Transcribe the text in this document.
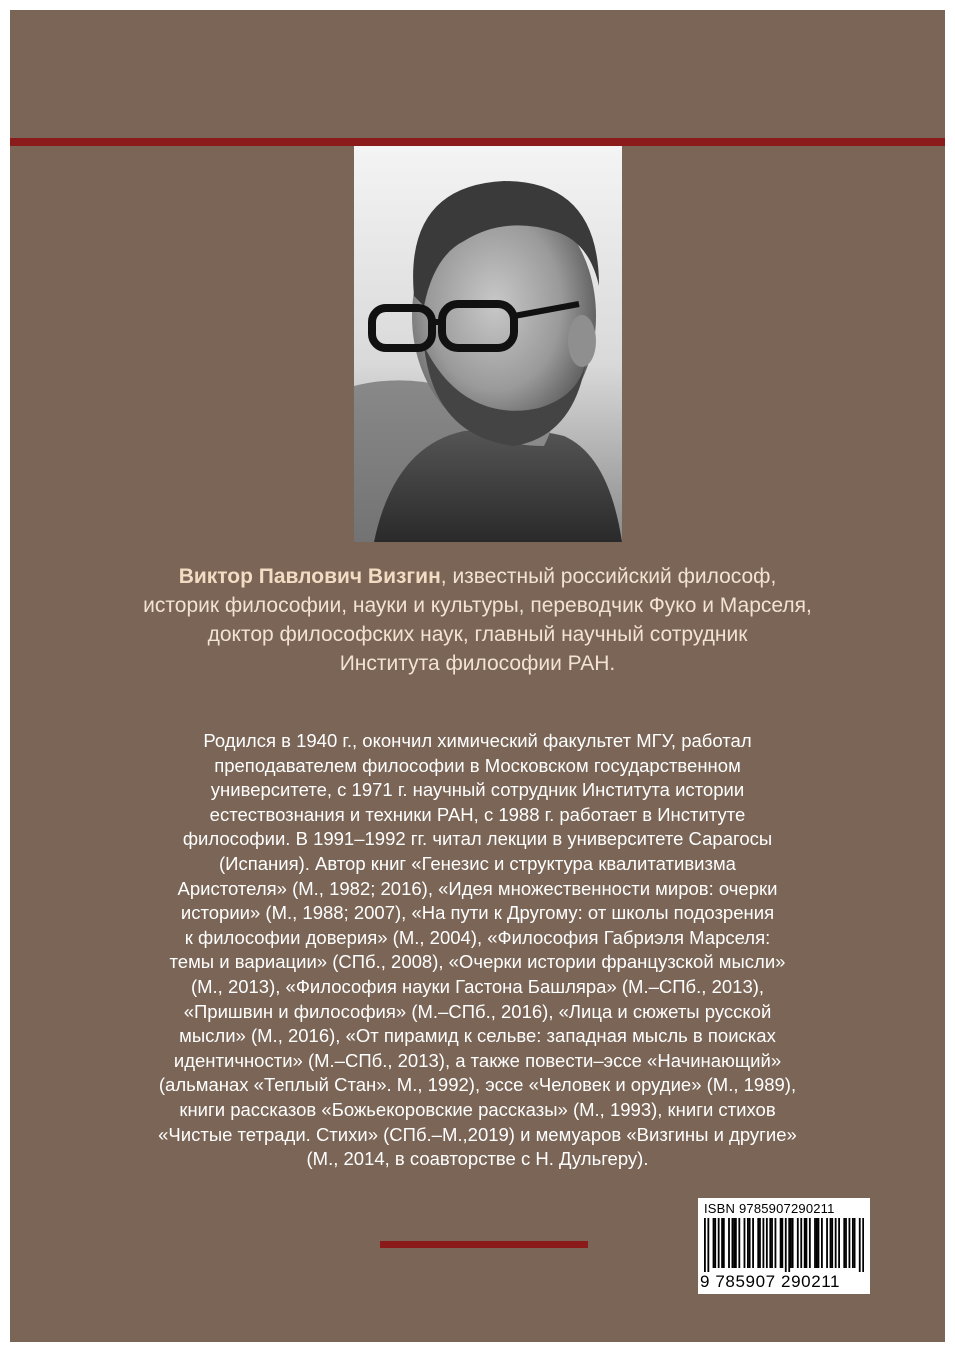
Виктор Павлович Визгин, известный российский философ,
историк философии, науки и культуры, переводчик Фуко и Марселя,
доктор философских наук, главный научный сотрудник
Института философии РАН.
Родился в 1940 г., окончил химический факультет МГУ, работал
преподавателем философии в Московском государственном
университете, с 1971 г. научный сотрудник Института истории
естествознания и техники РАН, с 1988 г. работает в Институте
философии. В 1991–1992 гг. читал лекции в университете Сарагосы
(Испания). Автор книг «Генезис и структура квалитативизма
Аристотеля» (М., 1982; 2016), «Идея множественности миров: очерки
истории» (М., 1988; 2007), «На пути к Другому: от школы подозрения
к философии доверия» (М., 2004), «Философия Габриэля Марселя:
темы и вариации» (СПб., 2008), «Очерки истории французской мысли»
(М., 2013), «Философия науки Гастона Башляра» (М.–СПб., 2013),
«Пришвин и философия» (М.–СПб., 2016), «Лица и сюжеты русской
мысли» (М., 2016), «От пирамид к сельве: западная мысль в поисках
идентичности» (М.–СПб., 2013), а также повести–эссе «Начинающий»
(альманах «Теплый Стан». М., 1992), эссе «Человек и орудие» (М., 1989),
книги рассказов «Божьекоровские рассказы» (М., 1993), книги стихов
«Чистые тетради. Стихи» (СПб.–М.,2019) и мемуаров «Визгины и другие»
(М., 2014, в соавторстве с Н. Дульгеру).
ISBN 9785907290211
9 785907 290211
